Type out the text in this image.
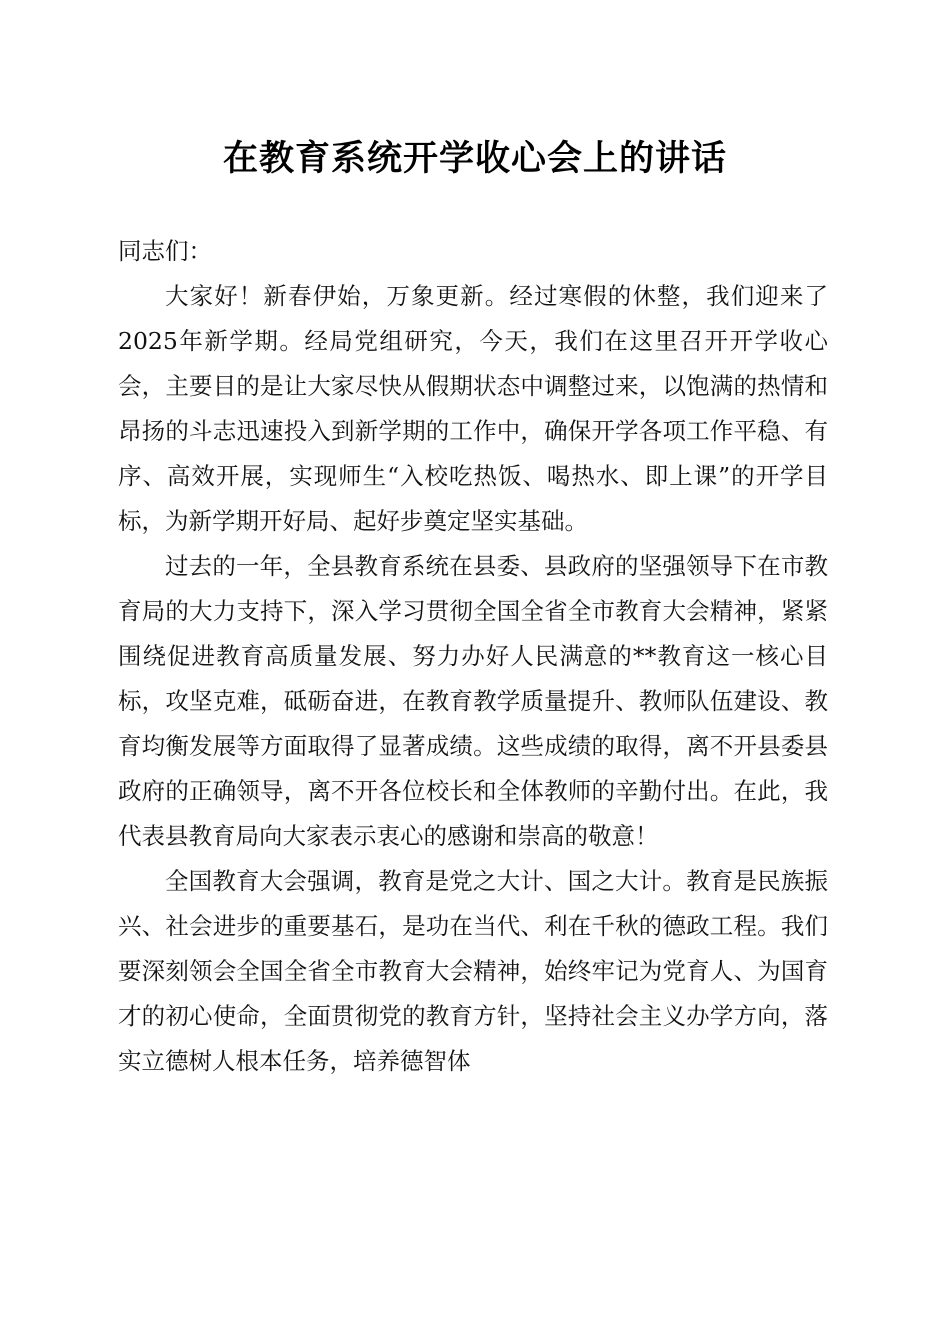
在教育系统开学收心会上的讲话

同志们：

大家好！新春伊始，万象更新。经过寒假的休整，我们迎来了2025年新学期。经局党组研究，今天，我们在这里召开开学收心会，主要目的是让大家尽快从假期状态中调整过来，以饱满的热情和昂扬的斗志迅速投入到新学期的工作中，确保开学各项工作平稳、有序、高效开展，实现师生“入校吃热饭、喝热水、即上课”的开学目标，为新学期开好局、起好步奠定坚实基础。

过去的一年，全县教育系统在县委、县政府的坚强领导下在市教育局的大力支持下，深入学习贯彻全国全省全市教育大会精神，紧紧围绕促进教育高质量发展、努力办好人民满意的**教育这一核心目标，攻坚克难，砥砺奋进，在教育教学质量提升、教师队伍建设、教育均衡发展等方面取得了显著成绩。这些成绩的取得，离不开县委县政府的正确领导，离不开各位校长和全体教师的辛勤付出。在此，我代表县教育局向大家表示衷心的感谢和崇高的敬意！

全国教育大会强调，教育是党之大计、国之大计。教育是民族振兴、社会进步的重要基石，是功在当代、利在千秋的德政工程。我们要深刻领会全国全省全市教育大会精神，始终牢记为党育人、为国育才的初心使命，全面贯彻党的教育方针，坚持社会主义办学方向，落实立德树人根本任务，培养德智体
